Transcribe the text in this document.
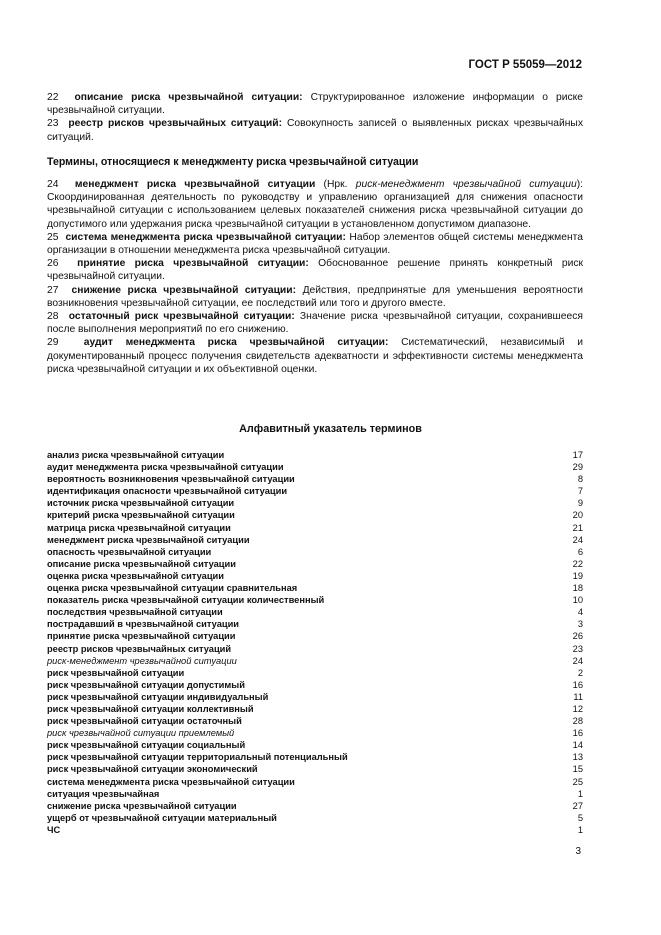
ГОСТ Р 55059—2012

22 описание риска чрезвычайной ситуации: Структурированное изложение информации о риске чрезвычайной ситуации.

23 реестр рисков чрезвычайных ситуаций: Совокупность записей о выявленных рисках чрезвычайных ситуаций.

Термины, относящиеся к менеджменту риска чрезвычайной ситуации

24 менеджмент риска чрезвычайной ситуации (Нрк. риск-менеджмент чрезвычайной ситуации): Скоординированная деятельность по руководству и управлению организацией для снижения опасности чрезвычайной ситуации с использованием целевых показателей снижения риска чрезвычайной ситуации до допустимого или удержания риска чрезвычайной ситуации в установленном допустимом диапазоне.

25 система менеджмента риска чрезвычайной ситуации: Набор элементов общей системы менеджмента организации в отношении менеджмента риска чрезвычайной ситуации.

26 принятие риска чрезвычайной ситуации: Обоснованное решение принять конкретный риск чрезвычайной ситуации.

27 снижение риска чрезвычайной ситуации: Действия, предпринятые для уменьшения вероятности возникновения чрезвычайной ситуации, ее последствий или того и другого вместе.

28 остаточный риск чрезвычайной ситуации: Значение риска чрезвычайной ситуации, сохранившееся после выполнения мероприятий по его снижению.

29 аудит менеджмента риска чрезвычайной ситуации: Систематический, независимый и документированный процесс получения свидетельств адекватности и эффективности системы менеджмента риска чрезвычайной ситуации и их объективной оценки.

Алфавитный указатель терминов
анализ риска чрезвычайной ситуации	17
аудит менеджмента риска чрезвычайной ситуации	29
вероятность возникновения чрезвычайной ситуации	8
идентификация опасности чрезвычайной ситуации	7
источник риска чрезвычайной ситуации	9
критерий риска чрезвычайной ситуации	20
матрица риска чрезвычайной ситуации	21
менеджмент риска чрезвычайной ситуации	24
опасность чрезвычайной ситуации	6
описание риска чрезвычайной ситуации	22
оценка риска чрезвычайной ситуации	19
оценка риска чрезвычайной ситуации сравнительная	18
показатель риска чрезвычайной ситуации количественный	10
последствия чрезвычайной ситуации	4
пострадавший в чрезвычайной ситуации	3
принятие риска чрезвычайной ситуации	26
реестр рисков чрезвычайных ситуаций	23
риск-менеджмент чрезвычайной ситуации	24
риск чрезвычайной ситуации	2
риск чрезвычайной ситуации допустимый	16
риск чрезвычайной ситуации индивидуальный	11
риск чрезвычайной ситуации коллективный	12
риск чрезвычайной ситуации остаточный	28
риск чрезвычайной ситуации приемлемый	16
риск чрезвычайной ситуации социальный	14
риск чрезвычайной ситуации территориальный потенциальный	13
риск чрезвычайной ситуации экономический	15
система менеджмента риска чрезвычайной ситуации	25
ситуация чрезвычайная	1
снижение риска чрезвычайной ситуации	27
ущерб от чрезвычайной ситуации материальный	5
ЧС	1
3
